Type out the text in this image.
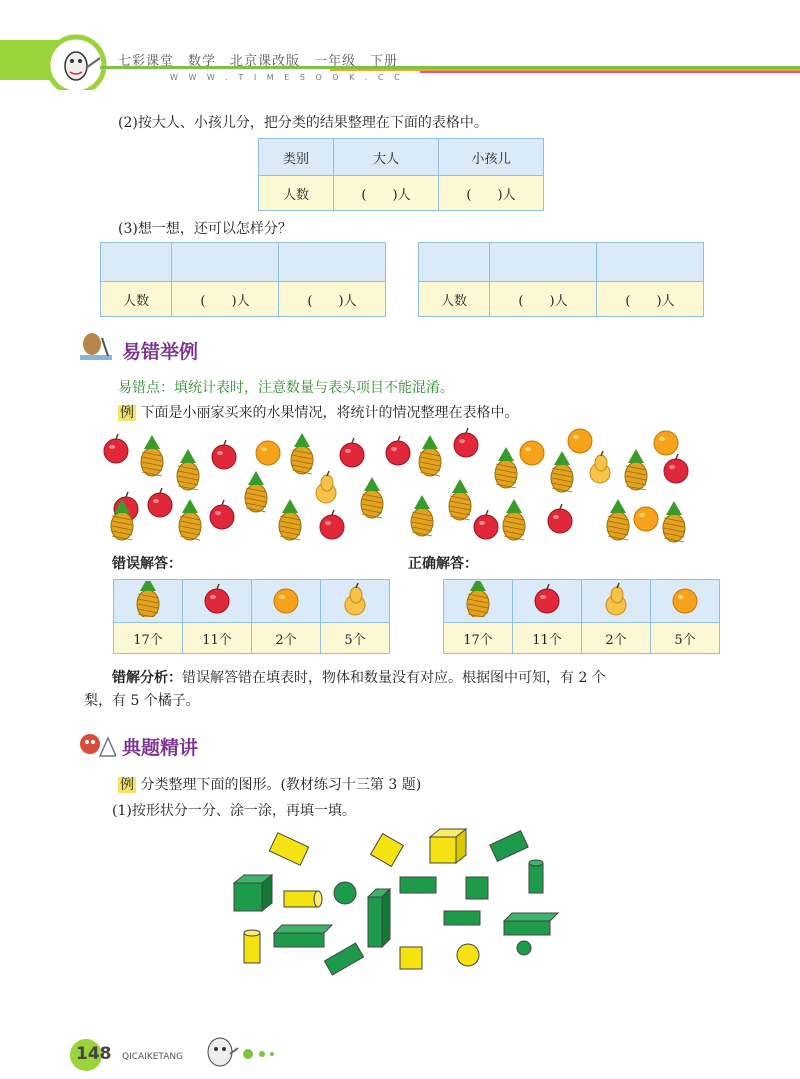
七彩课堂　数学　北京课改版　一年级　下册
W W W . T I M E S O O K . C C
(2)按大人、小孩儿分，把分类的结果整理在下面的表格中。
类别	大人	小孩儿
人数	(　　)人	(　　)人
(3)想一想，还可以怎样分？

人数	(　　)人	(　　)人
			人数	(　　)人	(　　)人
易错举例
易错点：填统计表时，注意数量与表头项目不能混淆。
例 下面是小丽家买来的水果情况，将统计的情况整理在表格中。
错误解答：	正确解答：

17个	11个	2个	5个
				17个	11个	2个	5个
错解分析：错误解答错在填表时，物体和数量没有对应。根据图中可知，有 2 个
梨，有 5 个橘子。
典题精讲
例 分类整理下面的图形。(教材练习十三第 3 题)
(1)按形状分一分、涂一涂，再填一填。
148 QICAIKETANG
